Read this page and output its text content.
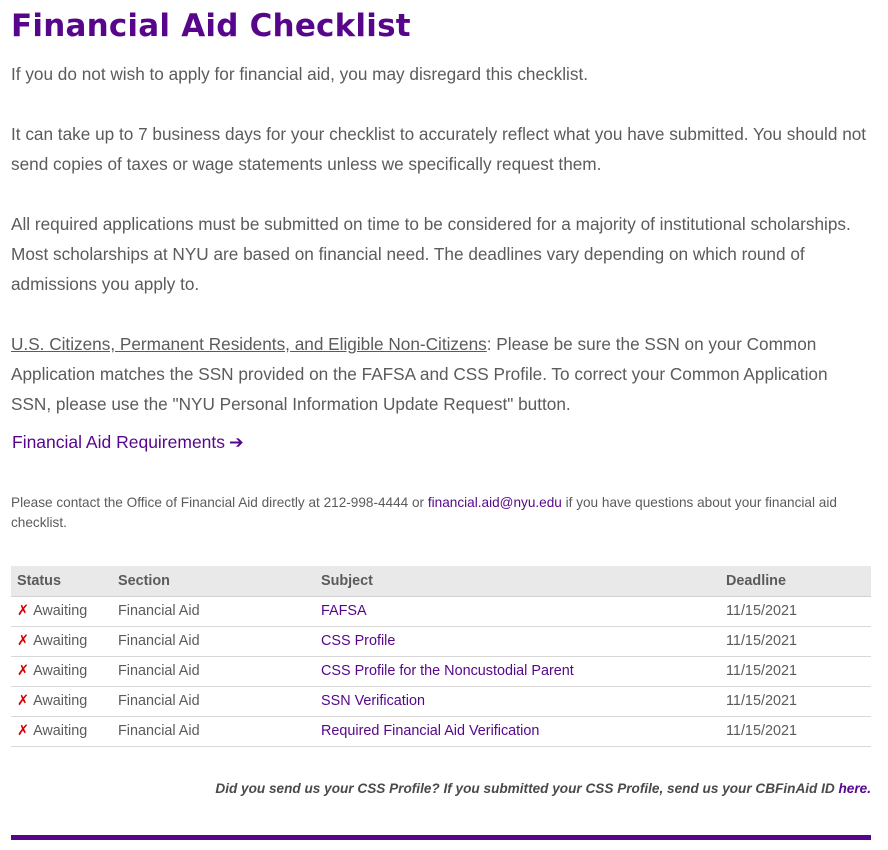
Financial Aid Checklist

If you do not wish to apply for financial aid, you may disregard this checklist.

It can take up to 7 business days for your checklist to accurately reflect what you have submitted. You should not send copies of taxes or wage statements unless we specifically request them.

All required applications must be submitted on time to be considered for a majority of institutional scholarships. Most scholarships at NYU are based on financial need. The deadlines vary depending on which round of admissions you apply to.

U.S. Citizens, Permanent Residents, and Eligible Non-Citizens: Please be sure the SSN on your Common Application matches the SSN provided on the FAFSA and CSS Profile. To correct your Common Application SSN, please use the "NYU Personal Information Update Request" button.

Financial Aid Requirements ➔

Please contact the Office of Financial Aid directly at 212-998-4444 or financial.aid@nyu.edu if you have questions about your financial aid checklist.

Status	Section	Subject	Deadline
✗ Awaiting	Financial Aid	FAFSA	11/15/2021
✗ Awaiting	Financial Aid	CSS Profile	11/15/2021
✗ Awaiting	Financial Aid	CSS Profile for the Noncustodial Parent	11/15/2021
✗ Awaiting	Financial Aid	SSN Verification	11/15/2021
✗ Awaiting	Financial Aid	Required Financial Aid Verification	11/15/2021

Did you send us your CSS Profile? If you submitted your CSS Profile, send us your CBFinAid ID here.
